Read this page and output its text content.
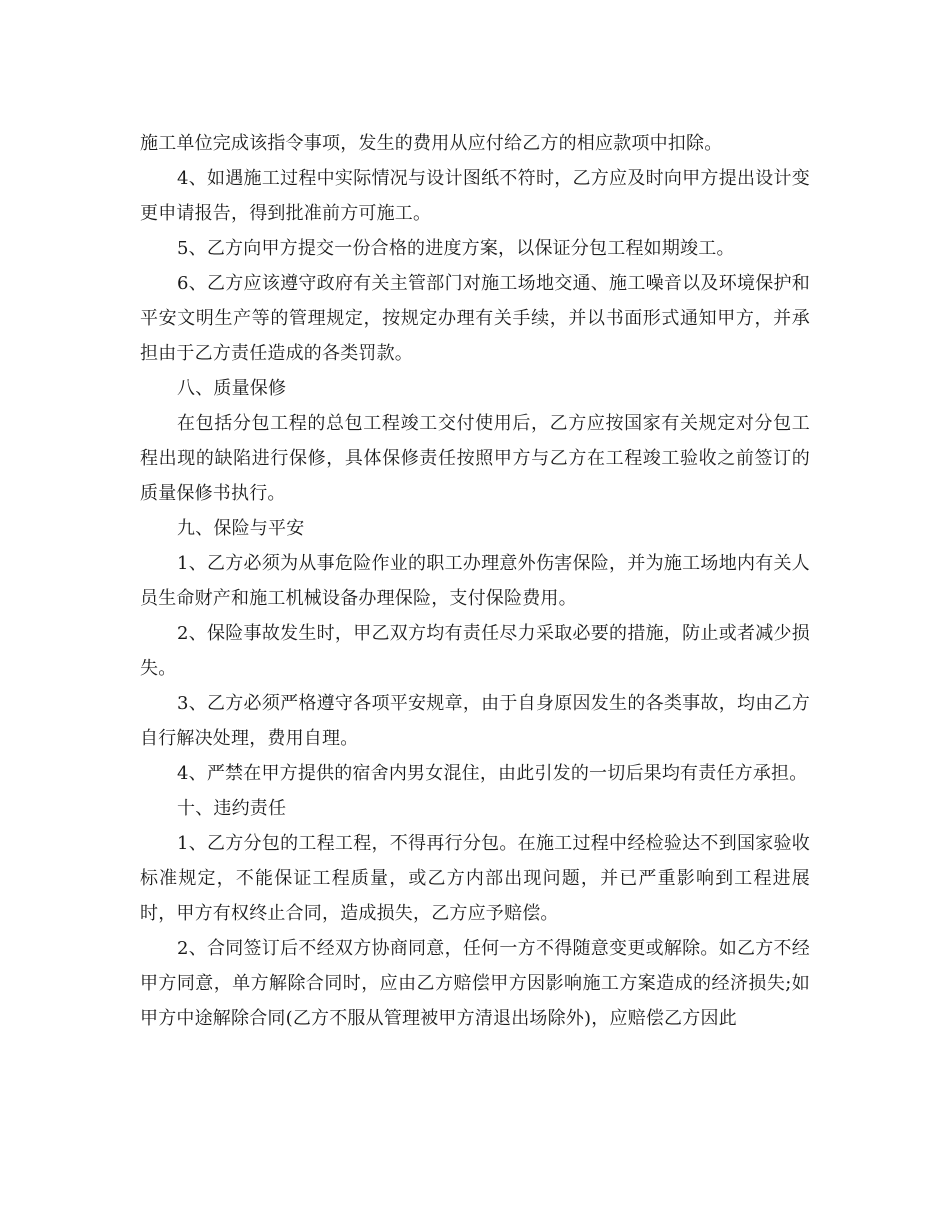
施工单位完成该指令事项，发生的费用从应付给乙方的相应款项中扣除。

4、如遇施工过程中实际情况与设计图纸不符时，乙方应及时向甲方提出设计变更申请报告，得到批准前方可施工。

5、乙方向甲方提交一份合格的进度方案，以保证分包工程如期竣工。

6、乙方应该遵守政府有关主管部门对施工场地交通、施工噪音以及环境保护和平安文明生产等的管理规定，按规定办理有关手续，并以书面形式通知甲方，并承担由于乙方责任造成的各类罚款。

八、质量保修

在包括分包工程的总包工程竣工交付使用后，乙方应按国家有关规定对分包工程出现的缺陷进行保修，具体保修责任按照甲方与乙方在工程竣工验收之前签订的质量保修书执行。

九、保险与平安

1、乙方必须为从事危险作业的职工办理意外伤害保险，并为施工场地内有关人员生命财产和施工机械设备办理保险，支付保险费用。

2、保险事故发生时，甲乙双方均有责任尽力采取必要的措施，防止或者减少损失。

3、乙方必须严格遵守各项平安规章，由于自身原因发生的各类事故，均由乙方自行解决处理，费用自理。

4、严禁在甲方提供的宿舍内男女混住，由此引发的一切后果均有责任方承担。

十、违约责任

1、乙方分包的工程工程，不得再行分包。在施工过程中经检验达不到国家验收标准规定，不能保证工程质量，或乙方内部出现问题，并已严重影响到工程进展时，甲方有权终止合同，造成损失，乙方应予赔偿。

2、合同签订后不经双方协商同意，任何一方不得随意变更或解除。如乙方不经甲方同意，单方解除合同时，应由乙方赔偿甲方因影响施工方案造成的经济损失;如甲方中途解除合同(乙方不服从管理被甲方清退出场除外)，应赔偿乙方因此
